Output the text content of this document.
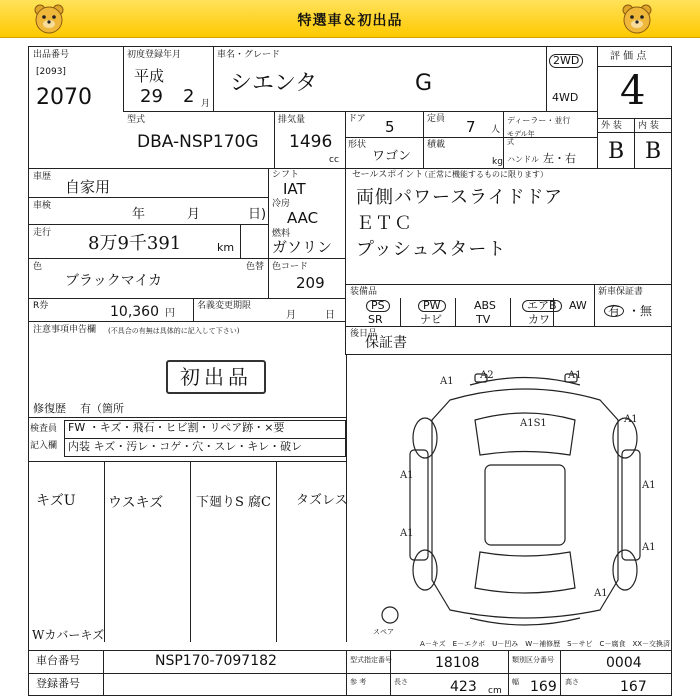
特選車＆初出品
出品番号
[2093]
2070
初度登録年月
平成
29 2 月
車名・グレード
シエンタ	G
2WD
4WD
評 価 点
4
外 装 内 装
B B
型式
DBA-NSP170G
排気量
1496
cc
ドア 5	定員 7 人
ディーラー・並行
モデル年式
ハンドル 左・右
形状
ワゴン
積載
kg
車歴
自家用
車検
年	月	日)
走行 8万9千391	km
色
ブラックマイカ
R券	10,360 円
名義変更期限
月	日
注意事項申告欄 (不具合の有無は具体的に記入して下さい)
初出品
修復歴 有（箇所
シフト
IAT
冷房
AAC
燃料
ガソリン
色替 色コード
209
セールスポイント
（正常に機能するものに限ります）
両側パワースライドドア
ＥＴＣ
プッシュスタート
装備品
PS	PW	ABS	エアB	AW
SR	ナビ	TV	カワ
新車保証書
有 ・無
後日品
保証書
検査員
記入欄
FW ・キズ・飛石・ヒビ割・リペア跡・×要
内装 キズ・汚レ・コゲ・穴・スレ・キレ・破レ
キズU ウスキズ	下廻りS 腐C タズレス
Wカバーキズ
A2	A1
A1S1	A1
A1
A1
A1
A1
A1
A1
スペア
A－キズ　E－エクボ　U－凹み　W－補修歴　S－サビ　C－腐食　XX－交換済
車台番号	NSP170-7097182
登録番号
型式指定番号	18108	類別区分番号	0004
参 考	長さ	423 cm
幅 169 高さ	167
